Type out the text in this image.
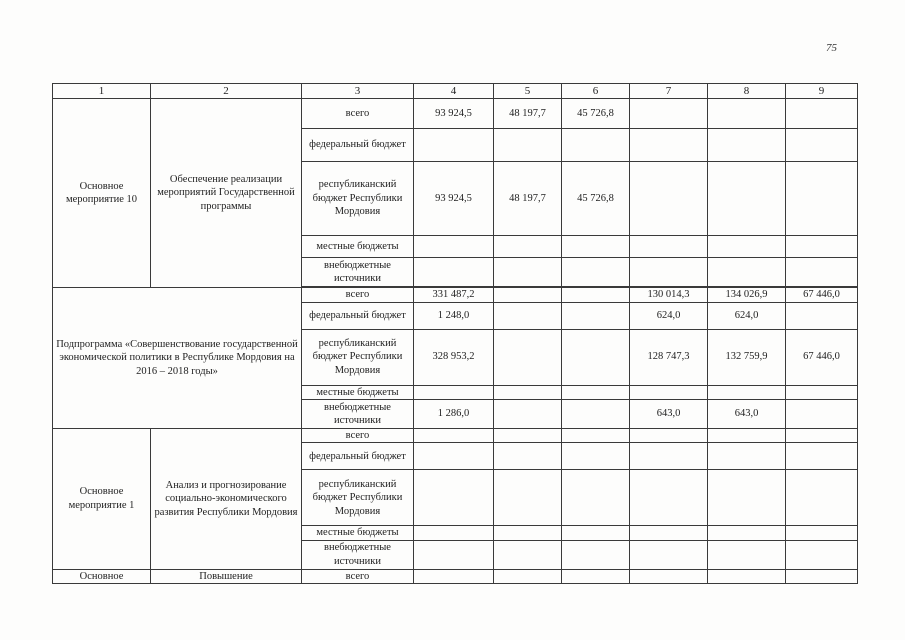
75
1	2	3	4	5	6	7	8	9
Основное мероприятие 10	Обеспечение реализации мероприятий Государственной программы	всего	93 924,5	48 197,7	45 726,8			
		федеральный бюджет						
		республиканский бюджет Республики Мордовия	93 924,5	48 197,7	45 726,8			
		местные бюджеты						
		внебюджетные источники						

Подпрограмма «Совершенствование государственной экономической политики в Республике Мордовия на 2016 – 2018 годы»		всего	331 487,2			130 014,3	134 026,9	67 446,0
		федеральный бюджет	1 248,0			624,0	624,0	
		республиканский бюджет Республики Мордовия	328 953,2			128 747,3	132 759,9	67 446,0
		местные бюджеты						
		внебюджетные источники	1 286,0			643,0	643,0	
Основное мероприятие 1	Анализ и прогнозирование социально-экономического развития Республики Мордовия	всего						
		федеральный бюджет						
		республиканский бюджет Республики Мордовия						
		местные бюджеты						
		внебюджетные источники						
Основное	Повышение	всего						
